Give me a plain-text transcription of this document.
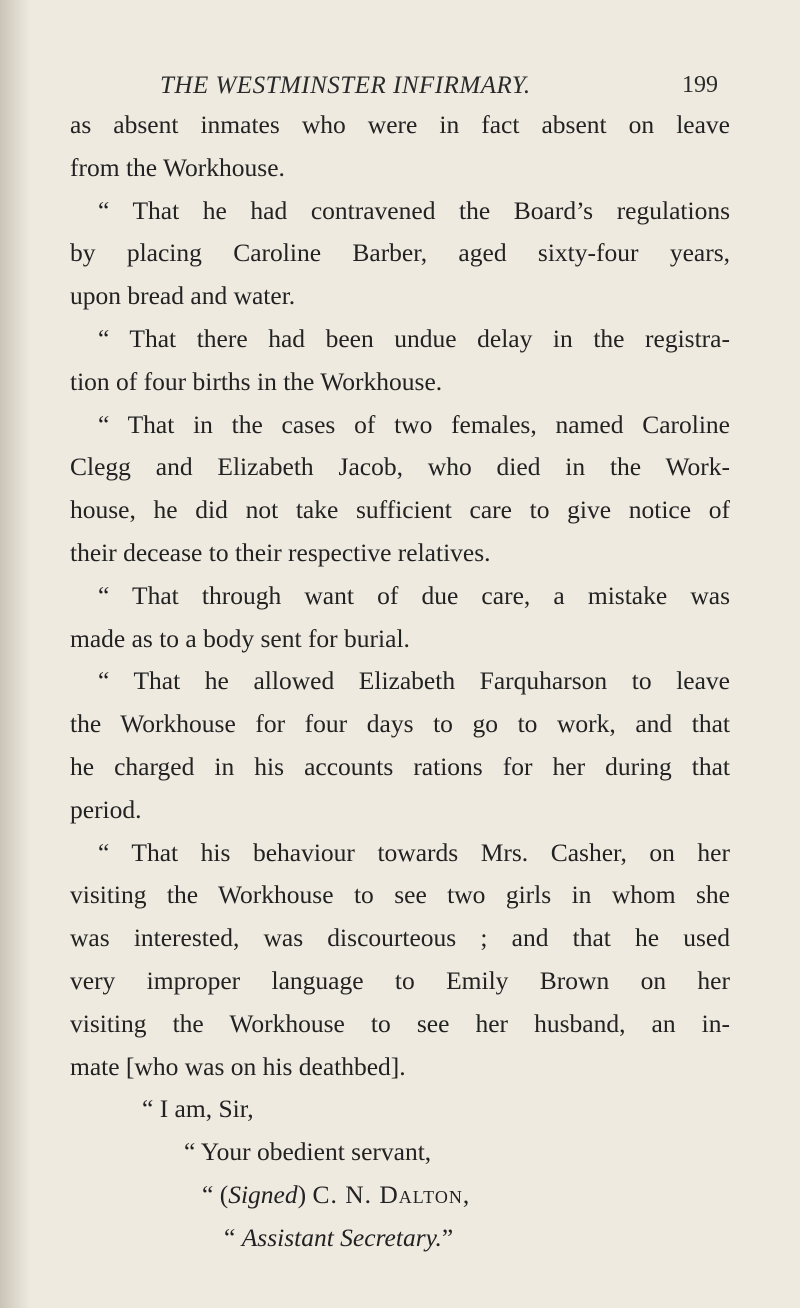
THE WESTMINSTER INFIRMARY.	199
as absent inmates who were in fact absent on leave
from the Workhouse.
“ That he had contravened the Board’s regulations
by placing Caroline Barber, aged sixty-four years,
upon bread and water.
“ That there had been undue delay in the registra-
tion of four births in the Workhouse.
“ That in the cases of two females, named Caroline
Clegg and Elizabeth Jacob, who died in the Work-
house, he did not take sufficient care to give notice of
their decease to their respective relatives.
“ That through want of due care, a mistake was
made as to a body sent for burial.
“ That he allowed Elizabeth Farquharson to leave
the Workhouse for four days to go to work, and that
he charged in his accounts rations for her during that
period.
“ That his behaviour towards Mrs. Casher, on her
visiting the Workhouse to see two girls in whom she
was interested, was discourteous ; and that he used
very improper language to Emily Brown on her
visiting the Workhouse to see her husband, an in-
mate [who was on his deathbed].
“ I am, Sir,
“ Your obedient servant,
“ (Signed) C. N. Dalton,
“ Assistant Secretary.”
